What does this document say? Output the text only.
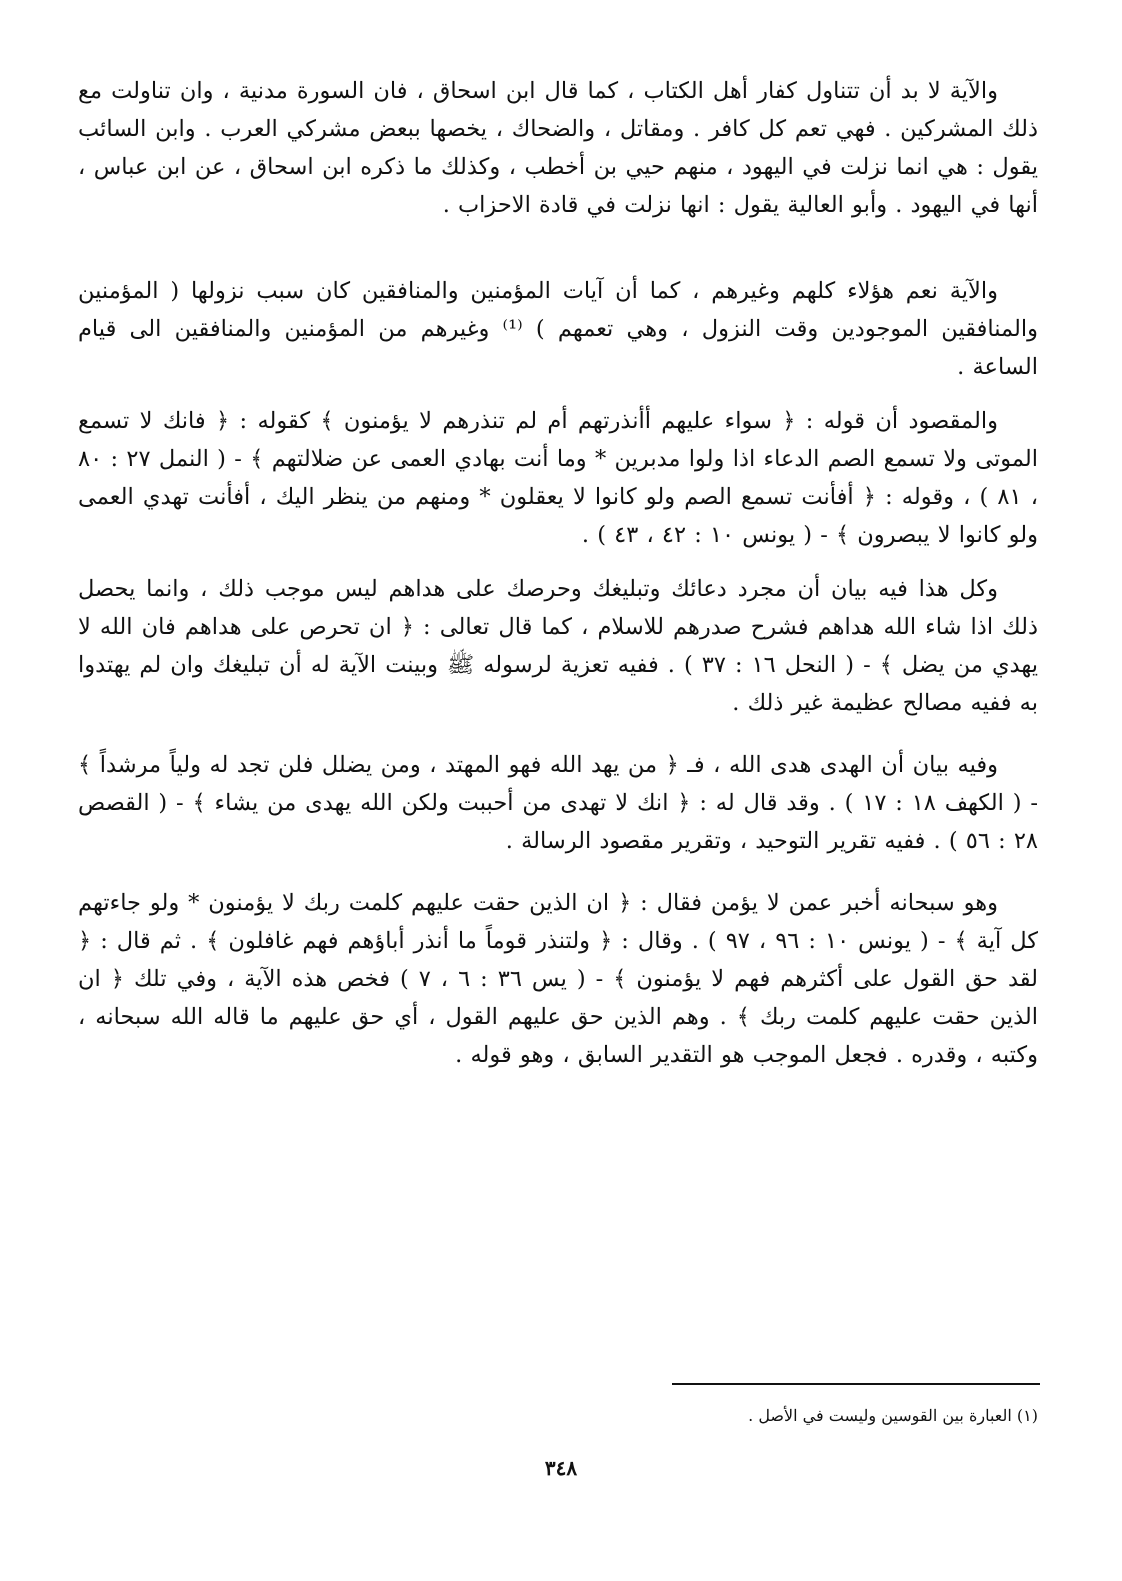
والآية لا بد أن تتناول كفار أهل الكتاب ، كما قال ابن اسحاق ، فان السورة مدنية ، وان تناولت مع ذلك المشركين . فهي تعم كل كافر . ومقاتل ، والضحاك ، يخصها ببعض مشركي العرب . وابن السائب يقول : هي انما نزلت في اليهود ، منهم حيي بن أخطب ، وكذلك ما ذكره ابن اسحاق ، عن ابن عباس ، أنها في اليهود . وأبو العالية يقول : انها نزلت في قادة الاحزاب .

والآية نعم هؤلاء كلهم وغيرهم ، كما أن آيات المؤمنين والمنافقين كان سبب نزولها ( المؤمنين والمنافقين الموجودين وقت النزول ، وهي تعمهم ) ⁽¹⁾ وغيرهم من المؤمنين والمنافقين الى قيام الساعة .

والمقصود أن قوله : ﴿ سواء عليهم أأنذرتهم أم لم تنذرهم لا يؤمنون ﴾ كقوله : ﴿ فانك لا تسمع الموتى ولا تسمع الصم الدعاء اذا ولوا مدبرين * وما أنت بهادي العمى عن ضلالتهم ﴾ - ( النمل ٢٧ : ٨٠ ، ٨١ ) ، وقوله : ﴿ أفأنت تسمع الصم ولو كانوا لا يعقلون * ومنهم من ينظر اليك ، أفأنت تهدي العمى ولو كانوا لا يبصرون ﴾ - ( يونس ١٠ : ٤٢ ، ٤٣ ) .

وكل هذا فيه بيان أن مجرد دعائك وتبليغك وحرصك على هداهم ليس موجب ذلك ، وانما يحصل ذلك اذا شاء الله هداهم فشرح صدرهم للاسلام ، كما قال تعالى : ﴿ ان تحرص على هداهم فان الله لا يهدي من يضل ﴾ - ( النحل ١٦ : ٣٧ ) . ففيه تعزية لرسوله ﷺ وبينت الآية له أن تبليغك وان لم يهتدوا به ففيه مصالح عظيمة غير ذلك .

وفيه بيان أن الهدى هدى الله ، فـ ﴿ من يهد الله فهو المهتد ، ومن يضلل فلن تجد له ولياً مرشداً ﴾ - ( الكهف ١٨ : ١٧ ) . وقد قال له : ﴿ انك لا تهدى من أحببت ولكن الله يهدى من يشاء ﴾ - ( القصص ٢٨ : ٥٦ ) . ففيه تقرير التوحيد ، وتقرير مقصود الرسالة .

وهو سبحانه أخبر عمن لا يؤمن فقال : ﴿ ان الذين حقت عليهم كلمت ربك لا يؤمنون * ولو جاءتهم كل آية ﴾ - ( يونس ١٠ : ٩٦ ، ٩٧ ) . وقال : ﴿ ولتنذر قوماً ما أنذر أباؤهم فهم غافلون ﴾ . ثم قال : ﴿ لقد حق القول على أكثرهم فهم لا يؤمنون ﴾ - ( يس ٣٦ : ٦ ، ٧ ) فخص هذه الآية ، وفي تلك ﴿ ان الذين حقت عليهم كلمت ربك ﴾ . وهم الذين حق عليهم القول ، أي حق عليهم ما قاله الله سبحانه ، وكتبه ، وقدره . فجعل الموجب هو التقدير السابق ، وهو قوله .

(١) العبارة بين القوسين وليست في الأصل .

٣٤٨
